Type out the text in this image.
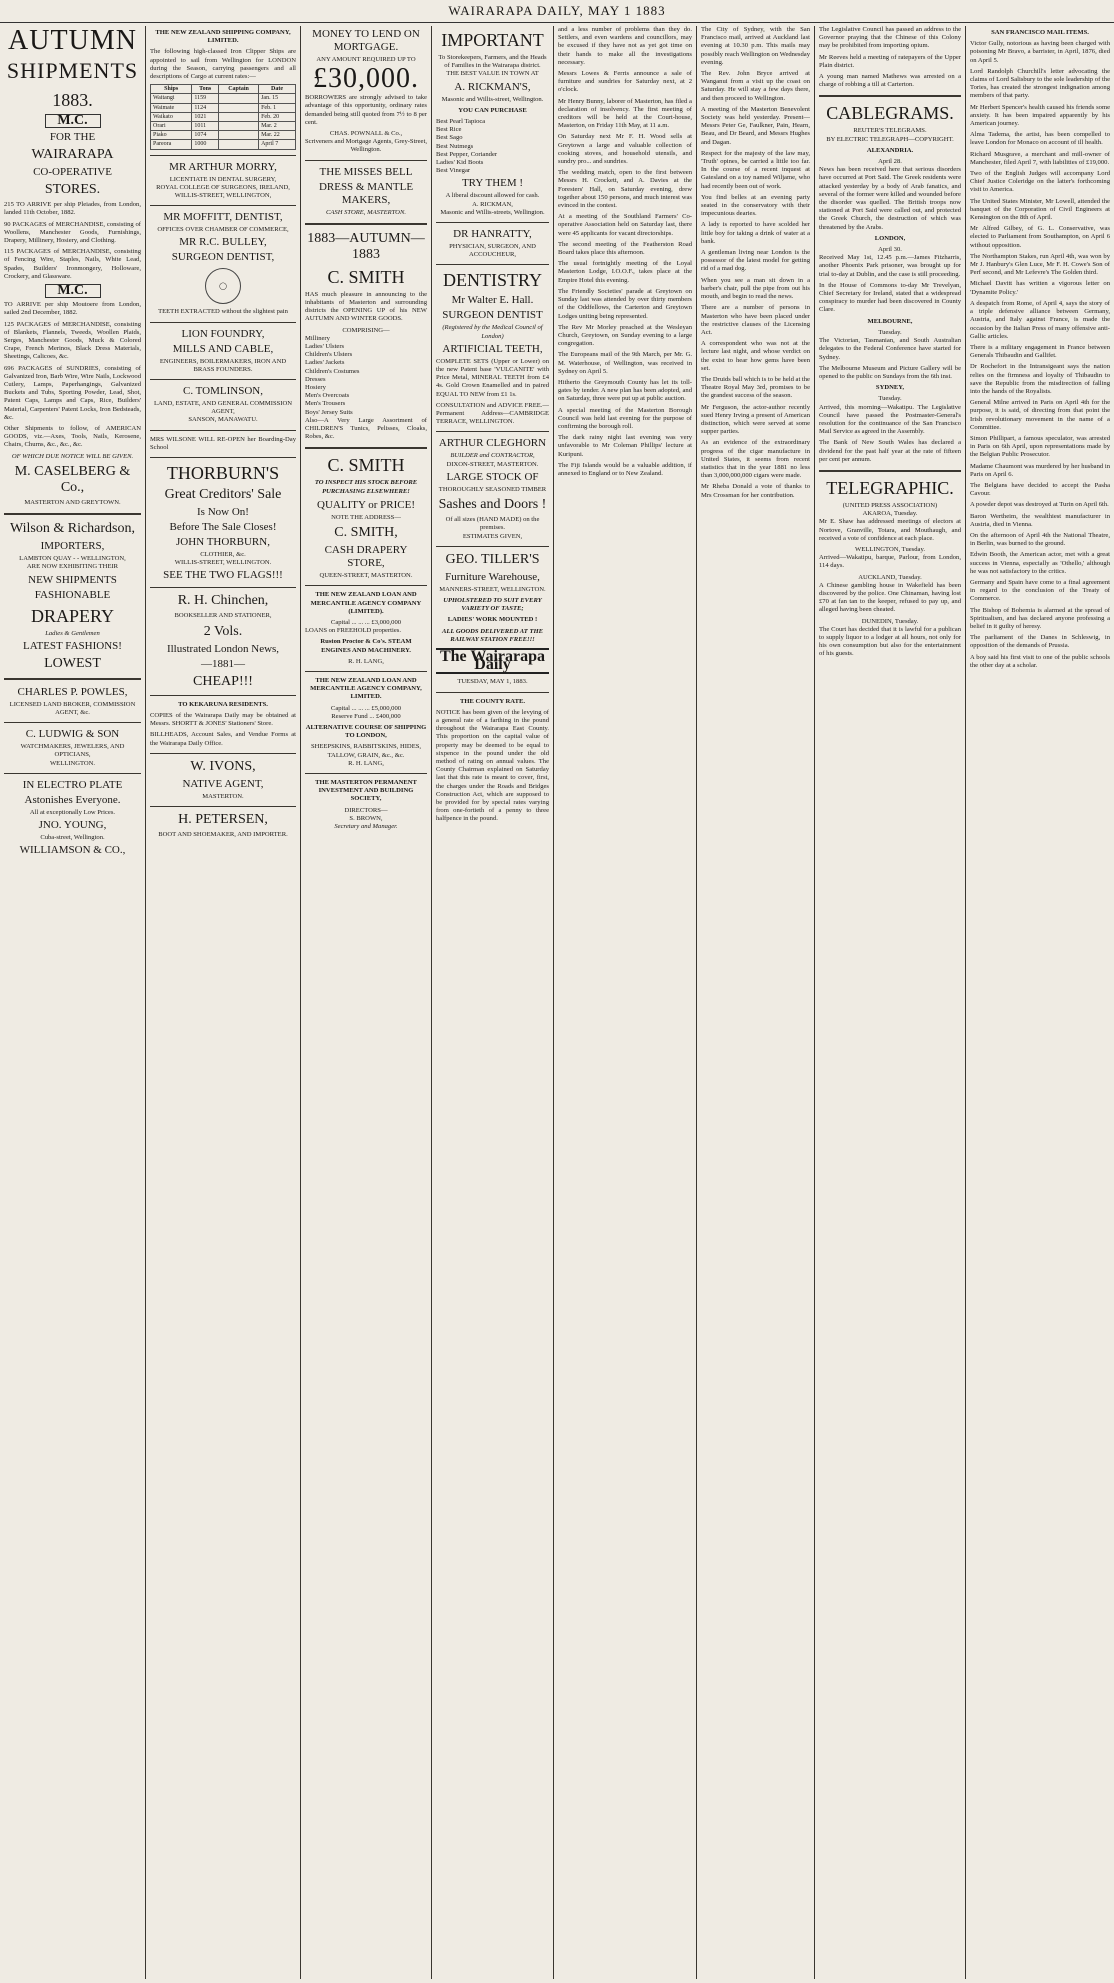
WAIRARAPA DAILY, MAY 1 1883
AUTUMN
SHIPMENTS
1883.
M.C.
FOR THE
WAIRARAPA
CO-OPERATIVE
STORES.

215 TO ARRIVE per ship Pleiades, from London, landed 11th October, 1882.

90 PACKAGES of MERCHANDISE, consisting of Woollens, Manchester Goods, Furnishings, Drapery, Millinery, Hosiery, and Clothing.

115 PACKAGES of MERCHANDISE, consisting of Fencing Wire, Staples, Nails, White Lead, Spades, Builders' Ironmongery, Holloware, Crockery, and Glassware.

M.C.

TO ARRIVE per ship Moutoere from London, sailed 2nd December, 1882.

125 PACKAGES of MERCHANDISE, consisting of Blankets, Flannels, Tweeds, Woollen Plaids, Serges, Manchester Goods, Muck & Colored Crape, French Merinos, Black Dress Materials, Sheetings, Calicoes, &c.

696 PACKAGES of SUNDRIES, consisting of Galvanized Iron, Barb Wire, Wire Nails, Lockwood Cutlery, Lamps, Paperhangings, Galvanized Buckets and Tubs, Sporting Powder, Lead, Shot, Patent Caps, Lamps and Caps, Rice, Builders' Material, Carpenters' Patent Locks, Iron Bedsteads, &c.

Other Shipments to follow, of AMERICAN GOODS, viz.—Axes, Tools, Nails, Kerosene, Chairs, Churns, &c., &c., &c.

OF WHICH DUE NOTICE WILL BE GIVEN.

M. CASELBERG & Co.,
MASTERTON AND GREYTOWN.
Wilson & Richardson,
IMPORTERS,
LAMBTON QUAY - - WELLINGTON,
ARE NOW EXHIBITING THEIR
NEW SHIPMENTS
FASHIONABLE
DRAPERY
Ladies & Gentlemen
LATEST FASHIONS!
LOWEST
CHARLES P. POWLES,
LICENSED LAND BROKER, COMMISSION AGENT, &c.
C. LUDWIG & SON
WATCHMAKERS, JEWELERS, AND OPTICIANS,
WELLINGTON.
IN ELECTRO PLATE
Astonishes Everyone.
All at exceptionally Low Prices.
JNO. YOUNG,
Cuba-street, Wellington.
WILLIAMSON & CO.,
THE NEW ZEALAND SHIPPING COMPANY, LIMITED.

The following high-classed Iron Clipper Ships are appointed to sail from Wellington for LONDON during the Season, carrying passengers and all descriptions of Cargo at current rates:—

Ships	Tons	Captain	Date
Waitangi	1159		Jan. 15
Waimate	1124		Feb. 1
Waikato	1021		Feb. 20
Orari	1011		Mar. 2
Piako	1074		Mar. 22
Pareora	1000		April 7
MR ARTHUR MORRY,
LICENTIATE IN DENTAL SURGERY,
ROYAL COLLEGE OF SURGEONS, IRELAND,
WILLIS-STREET, WELLINGTON,
MR MOFFITT, DENTIST,
OFFICES OVER CHAMBER OF COMMERCE,
MR R.C. BULLEY,
SURGEON DENTIST,
◯
TEETH EXTRACTED without the slightest pain
LION FOUNDRY,
MILLS AND CABLE,
ENGINEERS, BOILERMAKERS, IRON AND BRASS FOUNDERS.
C. TOMLINSON,
LAND, ESTATE, AND GENERAL COMMISSION AGENT,
SANSON, MANAWATU.

MRS WILSONE WILL RE-OPEN her Boarding-Day School

THORBURN'S
Great Creditors' Sale
Is Now On!
Before The Sale Closes!
JOHN THORBURN,
CLOTHIER, &c.
WILLIS-STREET, WELLINGTON.
SEE THE TWO FLAGS!!!
R. H. Chinchen,
BOOKSELLER AND STATIONER,
2 Vols.
Illustrated London News,
—1881—
CHEAP!!!
TO KEKARUNA RESIDENTS.

COPIES of the Wairarapa Daily may be obtained at Messrs. SHORTT & JONES' Stationers' Store.

BILLHEADS, Account Sales, and Vendue Forms at the Wairarapa Daily Office.

W. IVONS,
NATIVE AGENT,
MASTERTON.
H. PETERSEN,
BOOT AND SHOEMAKER, AND IMPORTER.
MONEY TO LEND ON MORTGAGE.
ANY AMOUNT REQUIRED UP TO
£30,000.

BORROWERS are strongly advised to take advantage of this opportunity, ordinary rates demanded being still quoted from 7½ to 8 per cent.

CHAS. POWNALL & Co.,
Scriveners and Mortgage Agents, Grey-Street, Wellington.
THE MISSES BELL
DRESS & MANTLE MAKERS,
CASH STORE, MASTERTON.
1883—AUTUMN—1883
C. SMITH

HAS much pleasure in announcing to the inhabitants of Masterton and surrounding districts the OPENING UP of his NEW AUTUMN AND WINTER GOODS.

COMPRISING—
Millinery
Ladies' Ulsters
Children's Ulsters
Ladies' Jackets
Children's Costumes
Dresses
Hosiery
Men's Overcoats
Men's Trousers
Boys' Jersey Suits

Also—A Very Large Assortment of CHILDREN'S Tunics, Pelisses, Cloaks, Robes, &c.

C. SMITH
TO INSPECT HIS STOCK BEFORE PURCHASING ELSEWHERE!
QUALITY or PRICE!
NOTE THE ADDRESS—
C. SMITH,
CASH DRAPERY STORE,
QUEEN-STREET, MASTERTON.
THE NEW ZEALAND LOAN AND MERCANTILE AGENCY COMPANY (LIMITED).
Capital ... ... ... £3,000,000

LOANS on FREEHOLD properties.

Ruston Proctor & Co's. STEAM ENGINES AND MACHINERY.
R. H. LANG,
THE NEW ZEALAND LOAN AND MERCANTILE AGENCY COMPANY, LIMITED.
Capital ... ... ... £5,000,000
Reserve Fund ... £400,000
ALTERNATIVE COURSE OF SHIPPING TO LONDON,
SHEEPSKINS, RABBITSKINS, HIDES, TALLOW, GRAIN, &c., &c.
R. H. LANG,
THE MASTERTON PERMANENT INVESTMENT AND BUILDING SOCIETY,
DIRECTORS—
S. BROWN,
Secretary and Manager.
IMPORTANT
To Storekeepers, Farmers, and the Heads of Families in the Wairarapa district.
THE BEST VALUE IN TOWN AT
A. RICKMAN'S,
Masonic and Willis-street, Wellington.
YOU CAN PURCHASE
Best Pearl Tapioca
Best Rice
Best Sago
Best Nutmegs
Best Pepper, Coriander
Ladies' Kid Boots
Best Vinegar
TRY THEM !
A liberal discount allowed for cash.
A. RICKMAN,
Masonic and Willis-streets, Wellington.
DR HANRATTY,
PHYSICIAN, SURGEON, AND ACCOUCHEUR,
DENTISTRY
Mr Walter E. Hall.
SURGEON DENTIST
(Registered by the Medical Council of London)
ARTIFICIAL TEETH,

COMPLETE SETS (Upper or Lower) on the new Patent base 'VULCANITE' with Price Metal, MINERAL TEETH from £4 4s. Gold Crown Enamelled and in paired EQUAL TO NEW from £1 1s.

CONSULTATION and ADVICE FREE.—Permanent Address—CAMBRIDGE TERRACE, WELLINGTON.

ARTHUR CLEGHORN
BUILDER and CONTRACTOR,
DIXON-STREET, MASTERTON.
LARGE STOCK OF
THOROUGHLY SEASONED TIMBER
Sashes and Doors !
Of all sizes (HAND MADE) on the premises.
ESTIMATES GIVEN,
GEO. TILLER'S
Furniture Warehouse,
MANNERS-STREET, WELLINGTON.
UPHOLSTERED TO SUIT EVERY VARIETY OF TASTE;
LADIES' WORK MOUNTED !
ALL GOODS DELIVERED AT THE RAILWAY STATION FREE!!!
The Wairarapa Daily
TUESDAY, MAY 1, 1883.
THE COUNTY RATE.

NOTICE has been given of the levying of a general rate of a farthing in the pound throughout the Wairarapa East County. This proportion on the capital value of property may be deemed to be equal to sixpence in the pound under the old method of rating on annual values. The County Chairman explained on Saturday last that this rate is meant to cover, first, the charges under the Roads and Bridges Construction Act, which are supposed to be provided for by special rates varying from one-fortieth of a penny to three halfpence in the pound.

and a less number of problems than they do. Settlers, and even wardens and councillors, may be excused if they have not as yet got time on their hands to make all the investigations necessary.

Messrs Lowes & Ferris announce a sale of furniture and sundries for Saturday next, at 2 o'clock.

Mr Henry Bunny, laborer of Masterton, has filed a declaration of insolvency. The first meeting of creditors will be held at the Court-house, Masterton, on Friday 11th May, at 11 a.m.

On Saturday next Mr F. H. Wood sells at Greytown a large and valuable collection of cooking stoves, and household utensils, and sundry pro... and sundries.

The wedding match, open to the first between Messrs H. Crockett, and A. Davies at the Foresters' Hall, on Saturday evening, drew together about 150 persons, and much interest was evinced in the contest.

At a meeting of the Southland Farmers' Co-operative Association held on Saturday last, there were 45 applicants for vacant directorships.

The second meeting of the Featherston Road Board takes place this afternoon.

The usual fortnightly meeting of the Loyal Masterton Lodge, I.O.O.F., takes place at the Empire Hotel this evening.

The Friendly Societies' parade at Greytown on Sunday last was attended by over thirty members of the Oddfellows, the Carterton and Greytown Lodges uniting being represented.

The Rev Mr Morley preached at the Wesleyan Church, Greytown, on Sunday evening to a large congregation.

The Europeans mail of the 9th March, per Mr. G. M. Waterhouse, of Wellington, was received in Sydney on April 5.

Hitherto the Greymouth County has let its toll-gates by tender. A new plan has been adopted, and on Saturday, three were put up at public auction.

A special meeting of the Masterton Borough Council was held last evening for the purpose of confirming the borough roll.

The dark rainy night last evening was very unfavorable to Mr Coleman Phillips' lecture at Kuripuni.

The Fiji Islands would be a valuable addition, if annexed to England or to New Zealand.

The City of Sydney, with the San Francisco mail, arrived at Auckland last evening at 10.30 p.m. This mails may possibly reach Wellington on Wednesday evening.

The Rev. John Bryce arrived at Wanganui from a visit up the coast on Saturday. He will stay a few days there, and then proceed to Wellington.

A meeting of the Masterton Benevolent Society was held yesterday. Present—Messrs Peter Ge, Faulkner, Pain, Hearn, Beau, and Dr Beard, and Messrs Hughes and Dagan.

Respect for the majesty of the law may, 'Truth' opines, be carried a little too far. In the course of a recent inquest at Gatesland on a toy named Wiljame, who had recently been out of work.

You find belles at an evening party seated in the conservatory with their impecunious dearies.

A lady is reported to have scolded her little boy for taking a drink of water at a bank.

A gentleman living near London is the possessor of the latest model for getting rid of a mad dog.

When you see a man sit down in a barber's chair, pull the pipe from out his mouth, and begin to read the news.

There are a number of persons in Masterton who have been placed under the restrictive clauses of the Licensing Act.

A correspondent who was not at the lecture last night, and whose verdict on the exist to hear how gems have been set.

The Druids ball which is to be held at the Theatre Royal May 3rd, promises to be the grandest success of the season.

Mr Ferguson, the actor-author recently sued Henry Irving a present of American distinction, which were served at some supper parties.

As an evidence of the extraordinary progress of the cigar manufacture in United States, it seems from recent statistics that in the year 1881 no less than 3,000,000,000 cigars were made.

Mr Rheba Donald a vote of thanks to Mrs Crossman for her contribution.

The Legislative Council has passed an address to the Governor praying that the Chinese of this Colony may be prohibited from importing opium.

Mr Reeves held a meeting of ratepayers of the Upper Plain district.

A young man named Mathews was arrested on a charge of robbing a till at Carterton.

CABLEGRAMS.
REUTER'S TELEGRAMS.
BY ELECTRIC TELEGRAPH—COPYRIGHT.
ALEXANDRIA.
April 28.

News has been received here that serious disorders have occurred at Port Said. The Greek residents were attacked yesterday by a body of Arab fanatics, and several of the former were killed and wounded before the disorder was quelled. The British troops now stationed at Port Said were called out, and protected the Greek Church, the destruction of which was threatened by the Arabs.

LONDON,
April 30.

Received May 1st, 12.45 p.m.—James Fitzharris, another Phoenix Park prisoner, was brought up for trial to-day at Dublin, and the case is still proceeding.

In the House of Commons to-day Mr Trevelyan, Chief Secretary for Ireland, stated that a widespread conspiracy to murder had been discovered in County Clare.

MELBOURNE,
Tuesday.

The Victorian, Tasmanian, and South Australian delegates to the Federal Conference have started for Sydney.

The Melbourne Museum and Picture Gallery will be opened to the public on Sundays from the 6th inst.

SYDNEY,
Tuesday.

Arrived, this morning—Wakatipu. The Legislative Council have passed the Postmaster-General's resolution for the continuance of the San Francisco Mail Service as agreed in the Assembly.

The Bank of New South Wales has declared a dividend for the past half year at the rate of fifteen per cent per annum.

TELEGRAPHIC.
(UNITED PRESS ASSOCIATION)
AKAROA, Tuesday.

Mr E. Shaw has addressed meetings of electors at Nortove, Granville, Totara, and Mouthaugh, and received a vote of confidence at each place.

WELLINGTON, Tuesday.

Arrived—Wakatipu, barque, Parlour, from London, 114 days.

AUCKLAND, Tuesday.

A Chinese gambling house in Wakefield has been discovered by the police. One Chinaman, having lost £70 at fan tan to the keeper, refused to pay up, and alleged having been cheated.

DUNEDIN, Tuesday.

The Court has decided that it is lawful for a publican to supply liquor to a lodger at all hours, not only for his own consumption but also for the entertainment of his guests.

SAN FRANCISCO MAIL ITEMS.

Victor Gully, notorious as having been charged with poisoning Mr Bravo, a barrister, in April, 1876, died on April 5.

Lord Randolph Churchill's letter advocating the claims of Lord Salisbury to the sole leadership of the Tories, has created the strongest indignation among members of that party.

Mr Herbert Spencer's health caused his friends some anxiety. It has been impaired apparently by his American journey.

Alma Tadema, the artist, has been compelled to leave London for Monaco on account of ill health.

Richard Musgrave, a merchant and mill-owner of Manchester, filed April 7, with liabilities of £19,000.

Two of the English Judges will accompany Lord Chief Justice Coleridge on the latter's forthcoming visit to America.

The United States Minister, Mr Lowell, attended the banquet of the Corporation of Civil Engineers at Kensington on the 8th of April.

Mr Alfred Gilbey, of G. L. Conservative, was elected to Parliament from Southampton, on April 6 without opposition.

The Northampton Stakes, run April 4th, was won by Mr J. Hanbury's Glen Luce, Mr F. H. Cowe's Son of Perf second, and Mr Lefevre's The Golden third.

Michael Davitt has written a vigorous letter on 'Dynamite Policy.'

A despatch from Rome, of April 4, says the story of a triple defensive alliance between Germany, Austria, and Italy against France, is made the occasion by the Italian Press of many offensive anti-Gallic articles.

There is a military engagement in France between Generals Thibaudin and Gallifet.

Dr Rochefort in the Intransigeant says the nation relies on the firmness and loyalty of Thibaudin to save the Republic from the misdirection of falling into the hands of the Royalists.

General Milne arrived in Paris on April 4th for the purpose, it is said, of directing from that point the Irish revolutionary movement in the name of a Committee.

Simon Phillipart, a famous speculator, was arrested in Paris on 6th April, upon representations made by the Belgian Public Prosecutor.

Madame Chaumont was murdered by her husband in Paris on April 6.

The Belgians have decided to accept the Pasha Cavour.

A powder depot was destroyed at Turin on April 6th.

Baron Wertheim, the wealthiest manufacturer in Austria, died in Vienna.

On the afternoon of April 4th the National Theatre, in Berlin, was burned to the ground.

Edwin Booth, the American actor, met with a great success in Vienna, especially as 'Othello,' although he was not satisfactory to the critics.

Germany and Spain have come to a final agreement in regard to the conclusion of the Treaty of Commerce.

The Bishop of Bohemia is alarmed at the spread of Spiritualism, and has declared anyone professing a belief in it guilty of heresy.

The parliament of the Danes in Schleswig, in opposition of the demands of Prussia.

A boy said his first visit to one of the public schools the other day at a scholar.
